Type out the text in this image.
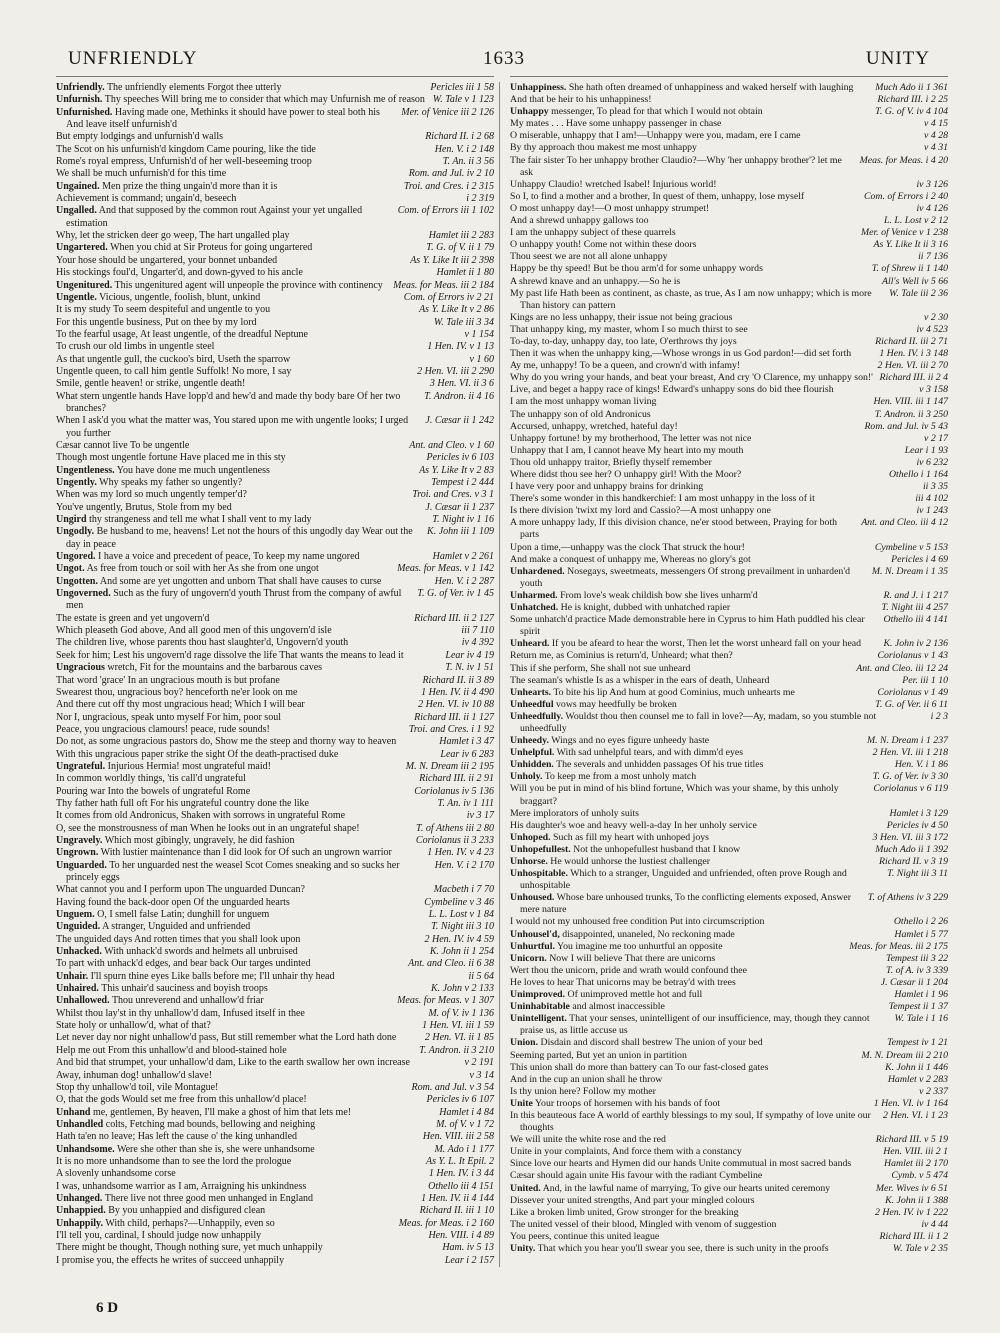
UNFRIENDLY	1633	UNITY

Pericles iii 1 58
Unfriendly. The unfriendly elements Forgot thee utterly

W. Tale v 1 123
Unfurnish. Thy speeches Will bring me to consider that which may Unfurnish me of reason

Mer. of Venice iii 2 126
Unfurnished. Having made one, Methinks it should have power to steal both his And leave itself unfurnish'd

Richard II. i 2 68
But empty lodgings and unfurnish'd walls

Hen. V. i 2 148
The Scot on his unfurnish'd kingdom Came pouring, like the tide

T. An. ii 3 56
Rome's royal empress, Unfurnish'd of her well-beseeming troop

Rom. and Jul. iv 2 10
We shall be much unfurnish'd for this time

Troi. and Cres. i 2 315
Ungained. Men prize the thing ungain'd more than it is

i 2 319
Achievement is command; ungain'd, beseech

Com. of Errors iii 1 102
Ungalled. And that supposed by the common rout Against your yet ungalled estimation

Hamlet iii 2 283
Why, let the stricken deer go weep, The hart ungalled play

T. G. of V. ii 1 79
Ungartered. When you chid at Sir Proteus for going ungartered

As Y. Like It iii 2 398
Your hose should be ungartered, your bonnet unbanded

Hamlet ii 1 80
His stockings foul'd, Ungarter'd, and down-gyved to his ancle

Meas. for Meas. iii 2 184
Ungenitured. This ungenitured agent will unpeople the province with continency

Com. of Errors iv 2 21
Ungentle. Vicious, ungentle, foolish, blunt, unkind

As Y. Like It v 2 86
It is my study To seem despiteful and ungentle to you

W. Tale iii 3 34
For this ungentle business, Put on thee by my lord

v 1 154
To the fearful usage, At least ungentle, of the dreadful Neptune

1 Hen. IV. v 1 13
To crush our old limbs in ungentle steel

v 1 60
As that ungentle gull, the cuckoo's bird, Useth the sparrow

2 Hen. VI. iii 2 290
Ungentle queen, to call him gentle Suffolk! No more, I say

3 Hen. VI. ii 3 6
Smile, gentle heaven! or strike, ungentle death!

T. Andron. ii 4 16
What stern ungentle hands Have lopp'd and hew'd and made thy body bare Of her two branches?

J. Cæsar ii 1 242
When I ask'd you what the matter was, You stared upon me with ungentle looks; I urged you further

Ant. and Cleo. v 1 60
Cæsar cannot live To be ungentle

Pericles iv 6 103
Though most ungentle fortune Have placed me in this sty

As Y. Like It v 2 83
Ungentleness. You have done me much ungentleness

Tempest i 2 444
Ungently. Why speaks my father so ungently?

Troi. and Cres. v 3 1
When was my lord so much ungently temper'd?

J. Cæsar ii 1 237
You've ungently, Brutus, Stole from my bed

T. Night iv 1 16
Ungird thy strangeness and tell me what I shall vent to my lady

K. John iii 1 109
Ungodly. Be husband to me, heavens! Let not the hours of this ungodly day Wear out the day in peace

Hamlet v 2 261
Ungored. I have a voice and precedent of peace, To keep my name ungored

Meas. for Meas. v 1 142
Ungot. As free from touch or soil with her As she from one ungot

Hen. V. i 2 287
Ungotten. And some are yet ungotten and unborn That shall have causes to curse

T. G. of Ver. iv 1 45
Ungoverned. Such as the fury of ungovern'd youth Thrust from the company of awful men

Richard III. ii 2 127
The estate is green and yet ungovern'd

iii 7 110
Which pleaseth God above, And all good men of this ungovern'd isle

iv 4 392
The children live, whose parents thou hast slaughter'd, Ungovern'd youth

Lear iv 4 19
Seek for him; Lest his ungovern'd rage dissolve the life That wants the means to lead it

T. N. iv 1 51
Ungracious wretch, Fit for the mountains and the barbarous caves

Richard II. ii 3 89
That word 'grace' In an ungracious mouth is but profane

1 Hen. IV. ii 4 490
Swearest thou, ungracious boy? henceforth ne'er look on me

2 Hen. VI. iv 10 88
And there cut off thy most ungracious head; Which I will bear

Richard III. ii 1 127
Nor I, ungracious, speak unto myself For him, poor soul

Troi. and Cres. i 1 92
Peace, you ungracious clamours! peace, rude sounds!

Hamlet i 3 47
Do not, as some ungracious pastors do, Show me the steep and thorny way to heaven

Lear iv 6 283
With this ungracious paper strike the sight Of the death-practised duke

M. N. Dream iii 2 195
Ungrateful. Injurious Hermia! most ungrateful maid!

Richard III. ii 2 91
In common worldly things, 'tis call'd ungrateful

Coriolanus iv 5 136
Pouring war Into the bowels of ungrateful Rome

T. An. iv 1 111
Thy father hath full oft For his ungrateful country done the like

iv 3 17
It comes from old Andronicus, Shaken with sorrows in ungrateful Rome

T. of Athens iii 2 80
O, see the monstrousness of man When he looks out in an ungrateful shape!

Coriolanus ii 3 233
Ungravely. Which most gibingly, ungravely, he did fashion

1 Hen. IV. v 4 23
Ungrown. With lustier maintenance than I did look for Of such an ungrown warrior

Hen. V. i 2 170
Unguarded. To her unguarded nest the weasel Scot Comes sneaking and so sucks her princely eggs

Macbeth i 7 70
What cannot you and I perform upon The unguarded Duncan?

Cymbeline v 3 46
Having found the back-door open Of the unguarded hearts

L. L. Lost v 1 84
Unguem. O, I smell false Latin; dunghill for unguem

T. Night iii 3 10
Unguided. A stranger, Unguided and unfriended

2 Hen. IV. iv 4 59
The unguided days And rotten times that you shall look upon

K. John ii 1 254
Unhacked. With unhack'd swords and helmets all unbruised

Ant. and Cleo. ii 6 38
To part with unhack'd edges, and bear back Our targes undinted

ii 5 64
Unhair. I'll spurn thine eyes Like balls before me; I'll unhair thy head

K. John v 2 133
Unhaired. This unhair'd sauciness and boyish troops

Meas. for Meas. v 1 307
Unhallowed. Thou unreverend and unhallow'd friar

M. of V. iv 1 136
Whilst thou lay'st in thy unhallow'd dam, Infused itself in thee

1 Hen. VI. iii 1 59
State holy or unhallow'd, what of that?

2 Hen. VI. ii 1 85
Let never day nor night unhallow'd pass, But still remember what the Lord hath done

T. Andron. ii 3 210
Help me out From this unhallow'd and blood-stained hole

v 2 191
And bid that strumpet, your unhallow'd dam, Like to the earth swallow her own increase

v 3 14
Away, inhuman dog! unhallow'd slave!

Rom. and Jul. v 3 54
Stop thy unhallow'd toil, vile Montague!

Pericles iv 6 107
O, that the gods Would set me free from this unhallow'd place!

Hamlet i 4 84
Unhand me, gentlemen, By heaven, I'll make a ghost of him that lets me!

M. of V. v 1 72
Unhandled colts, Fetching mad bounds, bellowing and neighing

Hen. VIII. iii 2 58
Hath ta'en no leave; Has left the cause o' the king unhandled

M. Ado i 1 177
Unhandsome. Were she other than she is, she were unhandsome

As Y. L. It Epil. 2
It is no more unhandsome than to see the lord the prologue

1 Hen. IV. i 3 44
A slovenly unhandsome corse

Othello iii 4 151
I was, unhandsome warrior as I am, Arraigning his unkindness

1 Hen. IV. ii 4 144
Unhanged. There live not three good men unhanged in England

Richard II. iii 1 10
Unhappied. By you unhappied and disfigured clean

Meas. for Meas. i 2 160
Unhappily. With child, perhaps?—Unhappily, even so

Hen. VIII. i 4 89
I'll tell you, cardinal, I should judge now unhappily

Ham. iv 5 13
There might be thought, Though nothing sure, yet much unhappily

Lear i 2 157
I promise you, the effects he writes of succeed unhappily

Much Ado ii 1 361
Unhappiness. She hath often dreamed of unhappiness and waked herself with laughing

Richard III. i 2 25
And that be heir to his unhappiness!

T. G. of V. iv 4 104
Unhappy messenger, To plead for that which I would not obtain

v 4 15
My mates . . . Have some unhappy passenger in chase

v 4 28
O miserable, unhappy that I am!—Unhappy were you, madam, ere I came

v 4 31
By thy approach thou makest me most unhappy

Meas. for Meas. i 4 20
The fair sister To her unhappy brother Claudio?—Why 'her unhappy brother'? let me ask

iv 3 126
Unhappy Claudio! wretched Isabel! Injurious world!

Com. of Errors i 2 40
So I, to find a mother and a brother, In quest of them, unhappy, lose myself

iv 4 126
O most unhappy day!—O most unhappy strumpet!

L. L. Lost v 2 12
And a shrewd unhappy gallows too

Mer. of Venice v 1 238
I am the unhappy subject of these quarrels

As Y. Like It ii 3 16
O unhappy youth! Come not within these doors

ii 7 136
Thou seest we are not all alone unhappy

T. of Shrew ii 1 140
Happy be thy speed! But be thou arm'd for some unhappy words

All's Well iv 5 66
A shrewd knave and an unhappy.—So he is

W. Tale iii 2 36
My past life Hath been as continent, as chaste, as true, As I am now unhappy; which is more Than history can pattern

v 2 30
Kings are no less unhappy, their issue not being gracious

iv 4 523
That unhappy king, my master, whom I so much thirst to see

Richard II. iii 2 71
To-day, to-day, unhappy day, too late, O'erthrows thy joys

1 Hen. IV. i 3 148
Then it was when the unhappy king,—Whose wrongs in us God pardon!—did set forth

2 Hen. VI. iii 2 70
Ay me, unhappy! To be a queen, and crown'd with infamy!

Richard III. ii 2 4
Why do you wring your hands, and beat your breast, And cry 'O Clarence, my unhappy son!'

v 3 158
Live, and beget a happy race of kings! Edward's unhappy sons do bid thee flourish

Hen. VIII. iii 1 147
I am the most unhappy woman living

T. Andron. ii 3 250
The unhappy son of old Andronicus

Rom. and Jul. iv 5 43
Accursed, unhappy, wretched, hateful day!

v 2 17
Unhappy fortune! by my brotherhood, The letter was not nice

Lear i 1 93
Unhappy that I am, I cannot heave My heart into my mouth

iv 6 232
Thou old unhappy traitor, Briefly thyself remember

Othello i 1 164
Where didst thou see her? O unhappy girl! With the Moor?

ii 3 35
I have very poor and unhappy brains for drinking

iii 4 102
There's some wonder in this handkerchief: I am most unhappy in the loss of it

iv 1 243
Is there division 'twixt my lord and Cassio?—A most unhappy one

Ant. and Cleo. iii 4 12
A more unhappy lady, If this division chance, ne'er stood between, Praying for both parts

Cymbeline v 5 153
Upon a time,—unhappy was the clock That struck the hour!

Pericles i 4 69
And make a conquest of unhappy me, Whereas no glory's got

M. N. Dream i 1 35
Unhardened. Nosegays, sweetmeats, messengers Of strong prevailment in unharden'd youth

R. and J. i 1 217
Unharmed. From love's weak childish bow she lives unharm'd

T. Night iii 4 257
Unhatched. He is knight, dubbed with unhatched rapier

Othello iii 4 141
Some unhatch'd practice Made demonstrable here in Cyprus to him Hath puddled his clear spirit

K. John iv 2 136
Unheard. If you be afeard to hear the worst, Then let the worst unheard fall on your head

Coriolanus v 1 43
Return me, as Cominius is return'd, Unheard; what then?

Ant. and Cleo. iii 12 24
This if she perform, She shall not sue unheard

Per. iii 1 10
The seaman's whistle Is as a whisper in the ears of death, Unheard

Coriolanus v 1 49
Unhearts. To bite his lip And hum at good Cominius, much unhearts me

T. G. of Ver. ii 6 11
Unheedful vows may heedfully be broken

i 2 3
Unheedfully. Wouldst thou then counsel me to fall in love?—Ay, madam, so you stumble not unheedfully

M. N. Dream i 1 237
Unheedy. Wings and no eyes figure unheedy haste

2 Hen. VI. iii 1 218
Unhelpful. With sad unhelpful tears, and with dimm'd eyes

Hen. V. i 1 86
Unhidden. The severals and unhidden passages Of his true titles

T. G. of Ver. iv 3 30
Unholy. To keep me from a most unholy match

Coriolanus v 6 119
Will you be put in mind of his blind fortune, Which was your shame, by this unholy braggart?

Hamlet i 3 129
Mere implorators of unholy suits

Pericles iv 4 50
His daughter's woe and heavy well-a-day In her unholy service

3 Hen. VI. iii 3 172
Unhoped. Such as fill my heart with unhoped joys

Much Ado ii 1 392
Unhopefullest. Not the unhopefullest husband that I know

Richard II. v 3 19
Unhorse. He would unhorse the lustiest challenger

T. Night iii 3 11
Unhospitable. Which to a stranger, Unguided and unfriended, often prove Rough and unhospitable

T. of Athens iv 3 229
Unhoused. Whose bare unhoused trunks, To the conflicting elements exposed, Answer mere nature

Othello i 2 26
I would not my unhoused free condition Put into circumscription

Hamlet i 5 77
Unhousel'd, disappointed, unaneled, No reckoning made

Meas. for Meas. iii 2 175
Unhurtful. You imagine me too unhurtful an opposite

Tempest iii 3 22
Unicorn. Now I will believe That there are unicorns

T. of A. iv 3 339
Wert thou the unicorn, pride and wrath would confound thee

J. Cæsar ii 1 204
He loves to hear That unicorns may be betray'd with trees

Hamlet i 1 96
Unimproved. Of unimproved mettle hot and full

Tempest ii 1 37
Uninhabitable and almost inaccessible

W. Tale i 1 16
Unintelligent. That your senses, unintelligent of our insufficience, may, though they cannot praise us, as little accuse us

Tempest iv 1 21
Union. Disdain and discord shall bestrew The union of your bed

M. N. Dream iii 2 210
Seeming parted, But yet an union in partition

K. John ii 1 446
This union shall do more than battery can To our fast-closed gates

Hamlet v 2 283
And in the cup an union shall he throw

v 2 337
Is thy union here? Follow my mother

1 Hen. VI. iv 1 164
Unite Your troops of horsemen with his bands of foot

2 Hen. VI. i 1 23
In this beauteous face A world of earthly blessings to my soul, If sympathy of love unite our thoughts

Richard III. v 5 19
We will unite the white rose and the red

Hen. VIII. iii 2 1
Unite in your complaints, And force them with a constancy

Hamlet iii 2 170
Since love our hearts and Hymen did our hands Unite commutual in most sacred bands

Cymb. v 5 474
Cæsar should again unite His favour with the radiant Cymbeline

Mer. Wives iv 6 51
United. And, in the lawful name of marrying, To give our hearts united ceremony

K. John ii 1 388
Dissever your united strengths, And part your mingled colours

2 Hen. IV. iv 1 222
Like a broken limb united, Grow stronger for the breaking

iv 4 44
The united vessel of their blood, Mingled with venom of suggestion

Richard III. ii 1 2
You peers, continue this united league

W. Tale v 2 35
Unity. That which you hear you'll swear you see, there is such unity in the proofs

6 D
